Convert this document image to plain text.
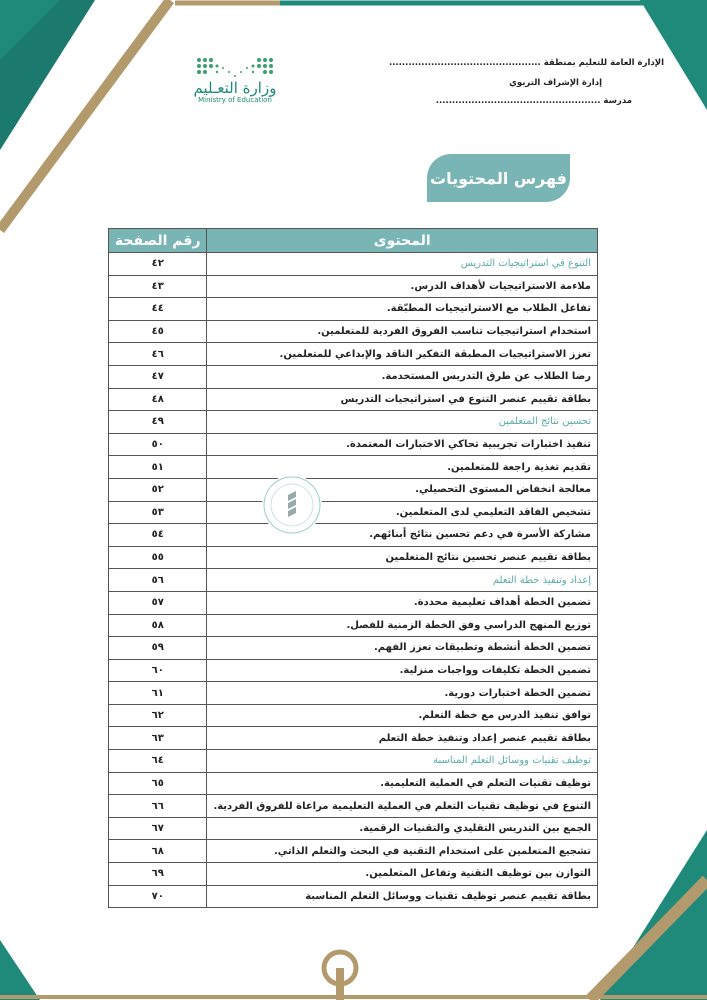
وزارة التعـليم
Ministry of Education
الإدارة العامة للتعليم بمنطقة ...............................................
إدارة الإشراف التربوي
مدرسة ...................................................
فهرس المحتويات
المحتوى	رقم الصفحة
التنوع في استراتيجيات التدريس	٤٢
ملاءمة الاستراتيجيات لأهداف الدرس.	٤٣
تفاعل الطلاب مع الاستراتيجيات المطبّقة.	٤٤
استخدام استراتيجيات تناسب الفروق الفردية للمتعلمين.	٤٥
تعزز الاستراتيجيات المطبقة التفكير الناقد والإبداعي للمتعلمين.	٤٦
رضا الطلاب عن طرق التدريس المستخدمة.	٤٧
بطاقة تقييم عنصر التنوع في استراتيجيات التدريس	٤٨
تحسين نتائج المتعلمين	٤٩
تنفيذ اختبارات تجريبية تحاكي الاختبارات المعتمدة.	٥٠
تقديم تغذية راجعة للمتعلمين.	٥١
معالجة انخفاض المستوى التحصيلي.	٥٢
تشخيص الفاقد التعليمي لدى المتعلمين.	٥٣
مشاركة الأسرة في دعم تحسين نتائج أبنائهم.	٥٤
بطاقة تقييم عنصر تحسين نتائج المتعلمين	٥٥
إعداد وتنفيذ خطة التعلم	٥٦
تضمين الخطة أهداف تعليمية محددة.	٥٧
توزيع المنهج الدراسي وفق الخطة الزمنية للفصل.	٥٨
تضمين الخطة أنشطة وتطبيقات تعزز الفهم.	٥٩
تضمين الخطة تكليفات وواجبات منزلية.	٦٠
تضمين الخطة اختبارات دورية.	٦١
توافق تنفيذ الدرس مع خطة التعلم.	٦٢
بطاقة تقييم عنصر إعداد وتنفيذ خطة التعلم	٦٣
توظيف تقنيات ووسائل التعلم المناسبة	٦٤
توظيف تقنيات التعلم في العملية التعليمية.	٦٥
التنوع في توظيف تقنيات التعلم في العملية التعليمية مراعاة للفروق الفردية.	٦٦
الجمع بين التدريس التقليدي والتقنيات الرقمية.	٦٧
تشجيع المتعلمين على استخدام التقنية في البحث والتعلم الذاتي.	٦٨
التوازن بين توظيف التقنية وتفاعل المتعلمين.	٦٩
بطاقة تقييم عنصر توظيف تقنيات ووسائل التعلم المناسبة	٧٠
